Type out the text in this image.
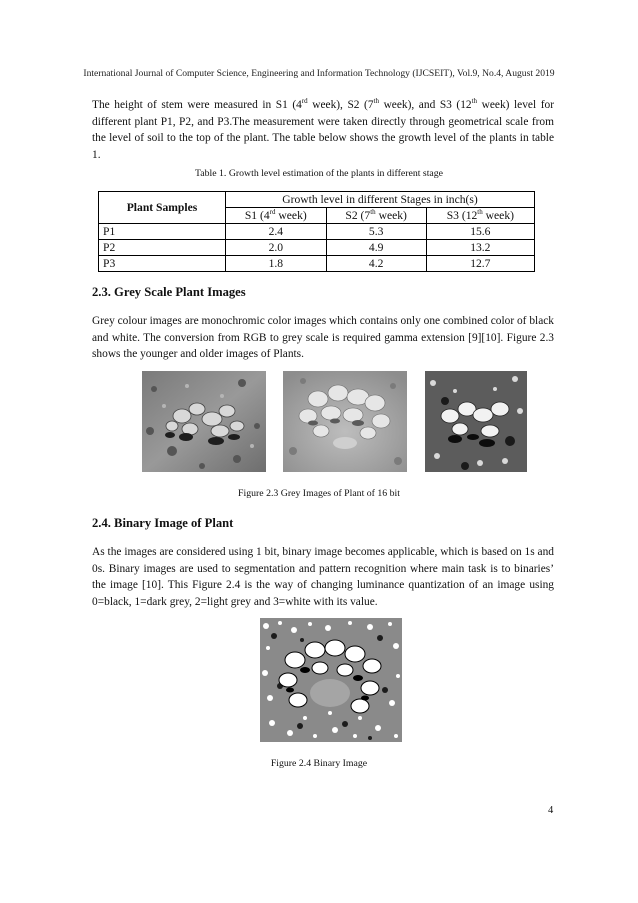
International Journal of Computer Science, Engineering and Information Technology (IJCSEIT), Vol.9, No.4, August 2019

The height of stem were measured in S1 (4rd week), S2 (7th week), and S3 (12th week) level for different plant P1, P2, and P3.The measurement were taken directly through geometrical scale from the level of soil to the top of the plant. The table below shows the growth level of the plants in table 1.

Table 1. Growth level estimation of the plants in different stage

Plant Samples	Growth level in different Stages in inch(s)		
	S1 (4rd week)	S2 (7th week)	S3 (12th week)
P1	2.4	5.3	15.6
P2	2.0	4.9	13.2
P3	1.8	4.2	12.7
2.3. Grey Scale Plant Images

Grey colour images are monochromic color images which contains only one combined color of black and white. The conversion from RGB to grey scale is required gamma extension [9][10]. Figure 2.3 shows the younger and older images of Plants.

Figure 2.3 Grey Images of Plant of 16 bit

2.4. Binary Image of Plant

As the images are considered using 1 bit, binary image becomes applicable, which is based on 1s and 0s. Binary images are used to segmentation and pattern recognition where main task is to binaries’ the image [10]. This Figure 2.4 is the way of changing luminance quantization of an image using 0=black, 1=dark grey, 2=light grey and 3=white with its value.

Figure 2.4 Binary Image

4
